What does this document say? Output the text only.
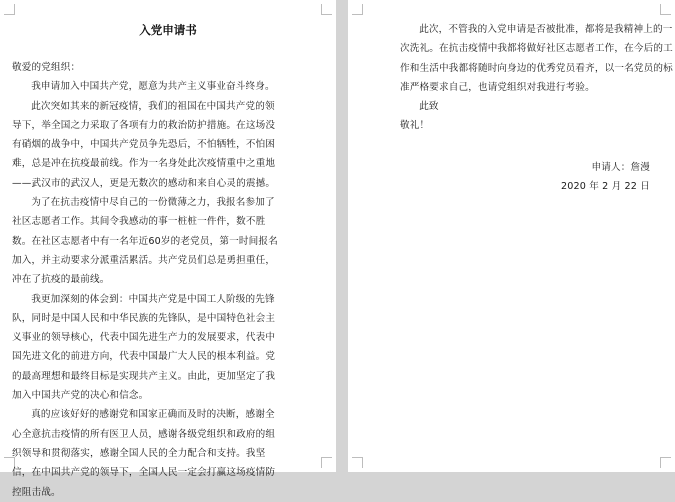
入党申请书

敬爱的党组织：

我申请加入中国共产党，愿意为共产主义事业奋斗终身。

此次突如其来的新冠疫情，我们的祖国在中国共产党的领导下，举全国之力采取了各项有力的救治防护措施。在这场没有硝烟的战争中，中国共产党员争先恐后，不怕牺牲，不怕困难，总是冲在抗疫最前线。作为一名身处此次疫情重中之重地——武汉市的武汉人，更是无数次的感动和来自心灵的震撼。

为了在抗击疫情中尽自己的一份微薄之力，我报名参加了社区志愿者工作。其间令我感动的事一桩桩一件件，数不胜数。在社区志愿者中有一名年近60岁的老党员，第一时间报名加入，并主动要求分派重活累活。共产党员们总是勇担重任，冲在了抗疫的最前线。

我更加深刻的体会到：中国共产党是中国工人阶级的先锋队，同时是中国人民和中华民族的先锋队，是中国特色社会主义事业的领导核心，代表中国先进生产力的发展要求，代表中国先进文化的前进方向，代表中国最广大人民的根本利益。党的最高理想和最终目标是实现共产主义。由此，更加坚定了我加入中国共产党的决心和信念。

真的应该好好的感谢党和国家正确而及时的决断，感谢全心全意抗击疫情的所有医卫人员，感谢各级党组织和政府的组织领导和贯彻落实，感谢全国人民的全力配合和支持。我坚信，在中国共产党的领导下，全国人民一定会打赢这场疫情防控阻击战。

此次，不管我的入党申请是否被批准，都将是我精神上的一次洗礼。在抗击疫情中我都将做好社区志愿者工作，在今后的工作和生活中我都将随时向身边的优秀党员看齐，以一名党员的标准严格要求自己，也请党组织对我进行考验。

此致

敬礼！

申请人：詹漫

2020 年 2 月 22 日
